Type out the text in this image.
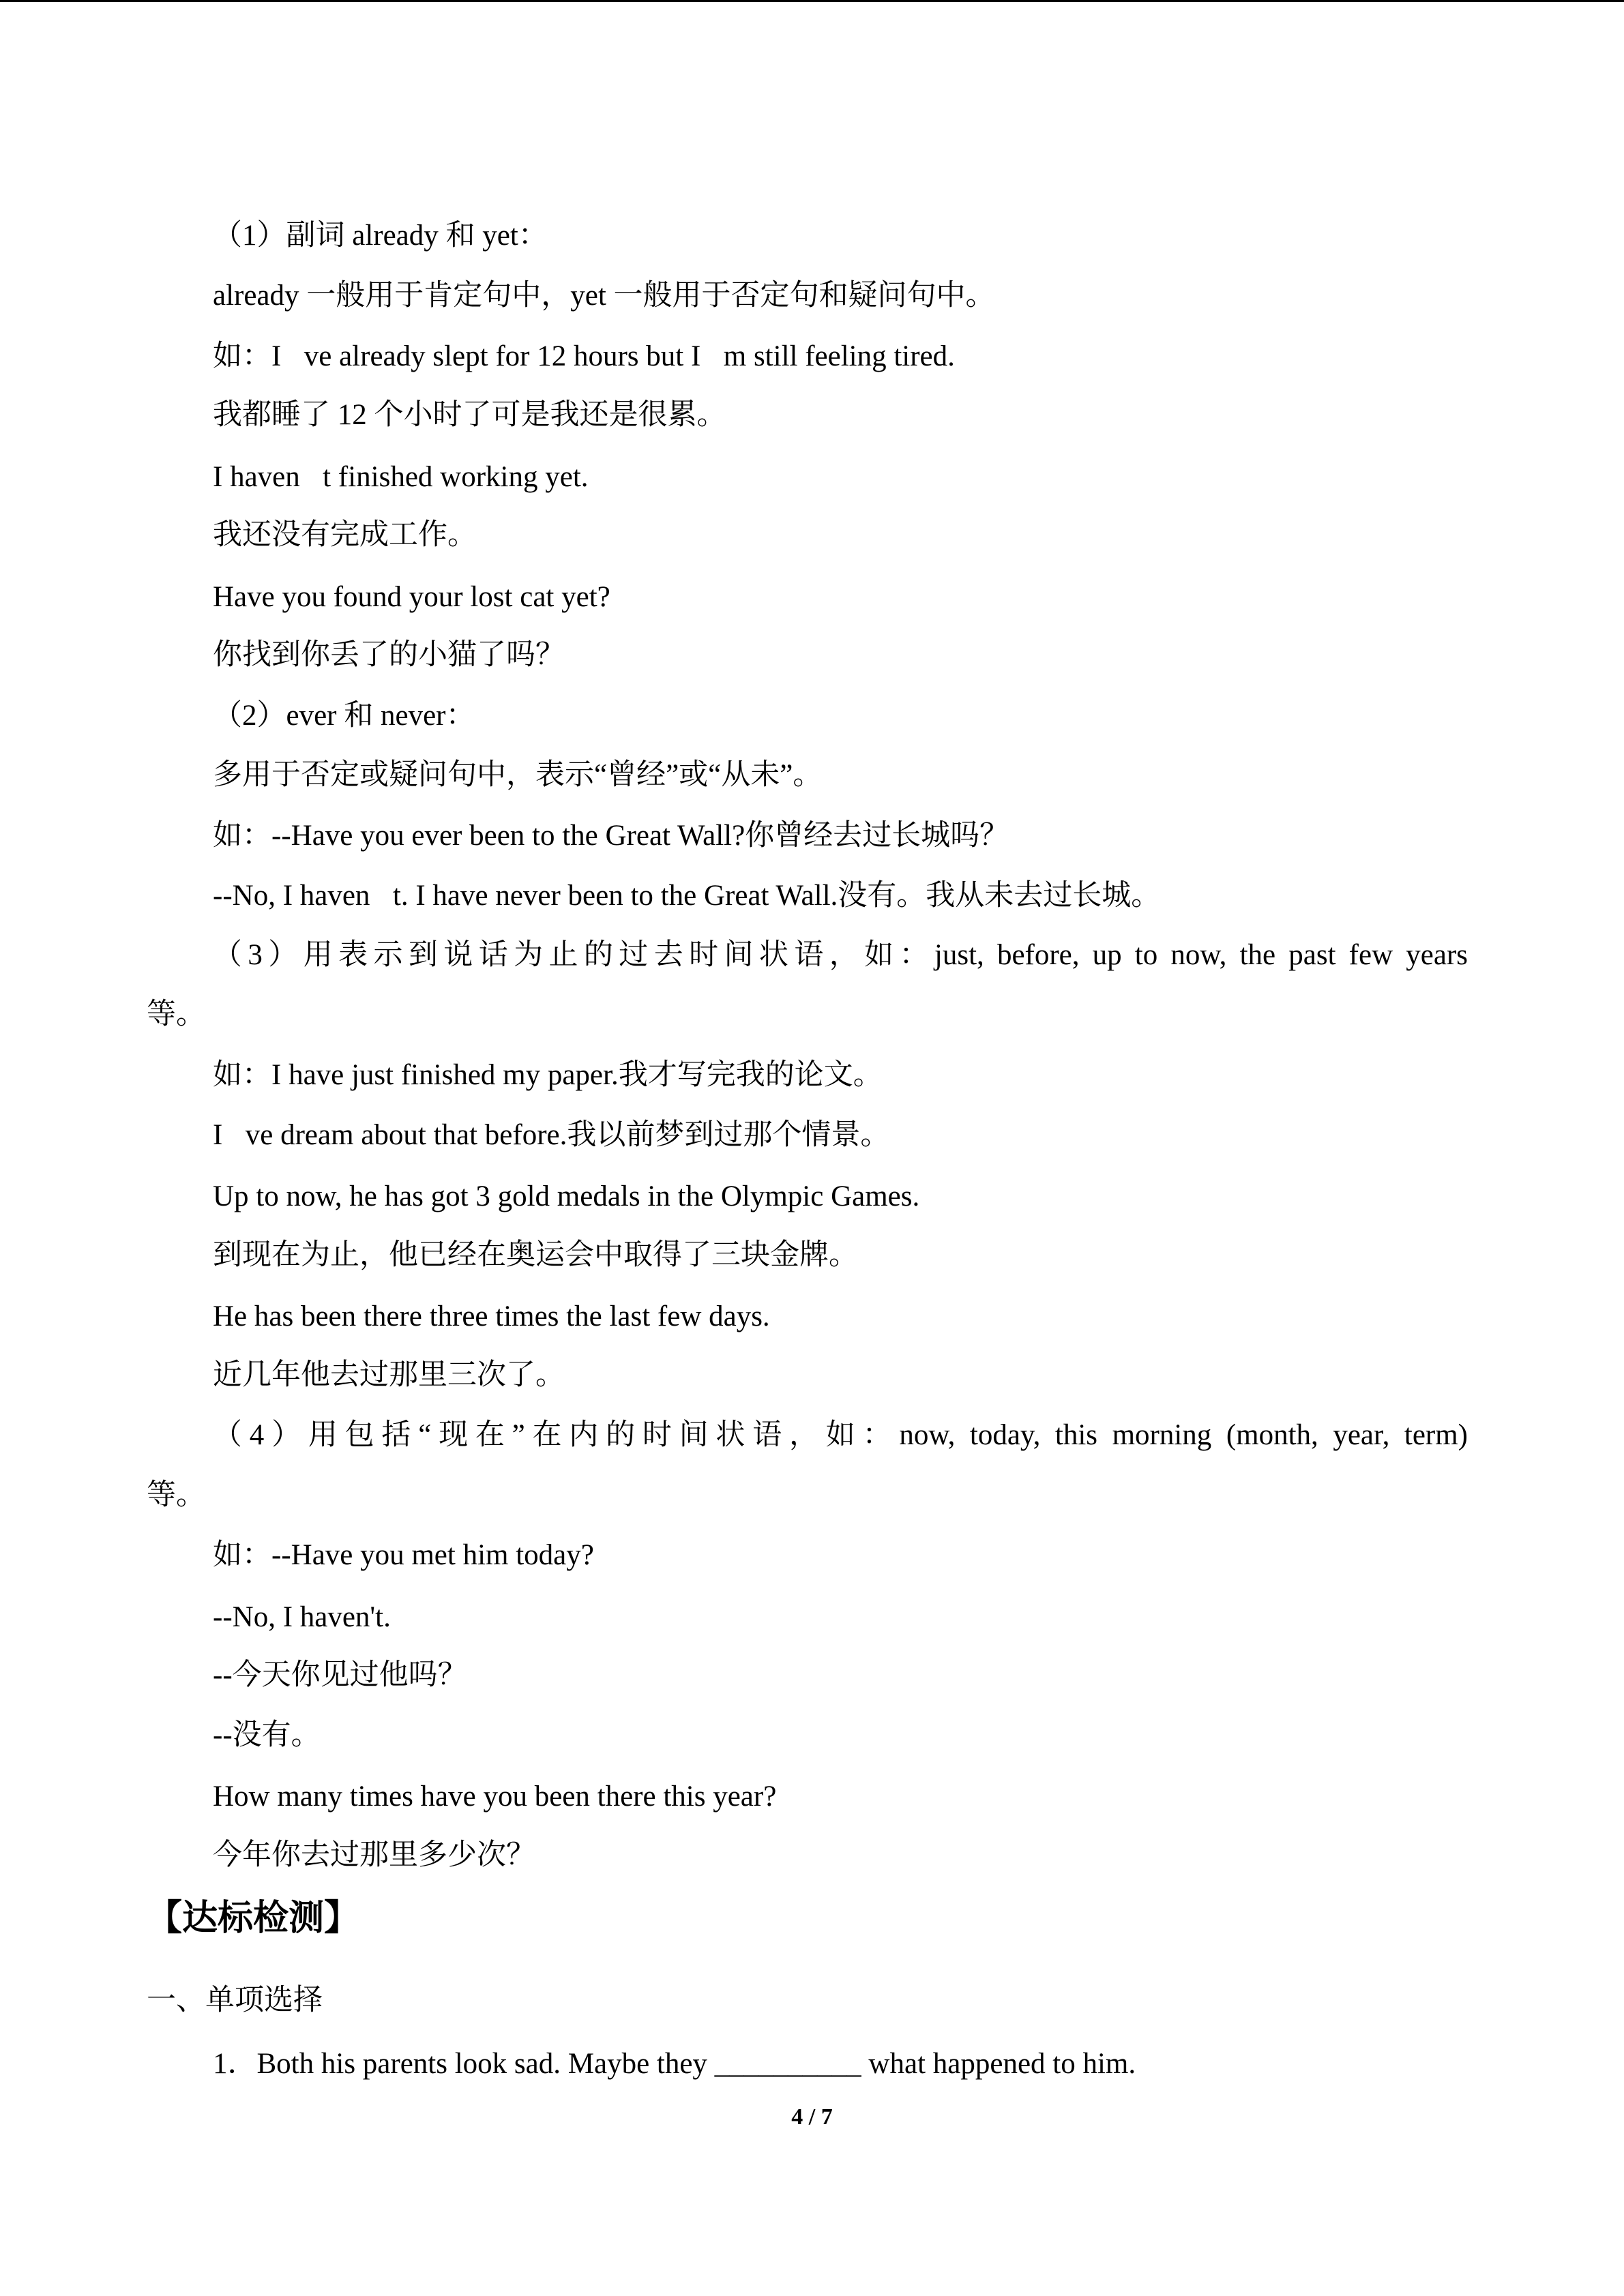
（1）副词 already 和 yet：
already 一般用于肯定句中，yet 一般用于否定句和疑问句中。
如：I ve already slept for 12 hours but I m still feeling tired.
我都睡了 12 个小时了可是我还是很累。
I haven t finished working yet.
我还没有完成工作。
Have you found your lost cat yet?
你找到你丢了的小猫了吗？
（2）ever 和 never：
多用于否定或疑问句中，表示“曾经”或“从未”。
如：--Have you ever been to the Great Wall?你曾经去过长城吗？
--No, I haven t. I have never been to the Great Wall.没有。我从未去过长城。
（3）用表示到说话为止的过去时间状语，如：just, before, up to now, the past few years
等。
如：I have just finished my paper.我才写完我的论文。
I ve dream about that before.我以前梦到过那个情景。
Up to now, he has got 3 gold medals in the Olympic Games.
到现在为止，他已经在奥运会中取得了三块金牌。
He has been there three times the last few days.
近几年他去过那里三次了。
（4）用包括“现在”在内的时间状语，如：now, today, this morning (month, year, term)
等。
如：--Have you met him today?
--No, I haven't.
--今天你见过他吗？
--没有。
How many times have you been there this year?
今年你去过那里多少次？
【达标检测】
一、单项选择
1．Both his parents look sad. Maybe they __________ what happened to him.
4 / 7
